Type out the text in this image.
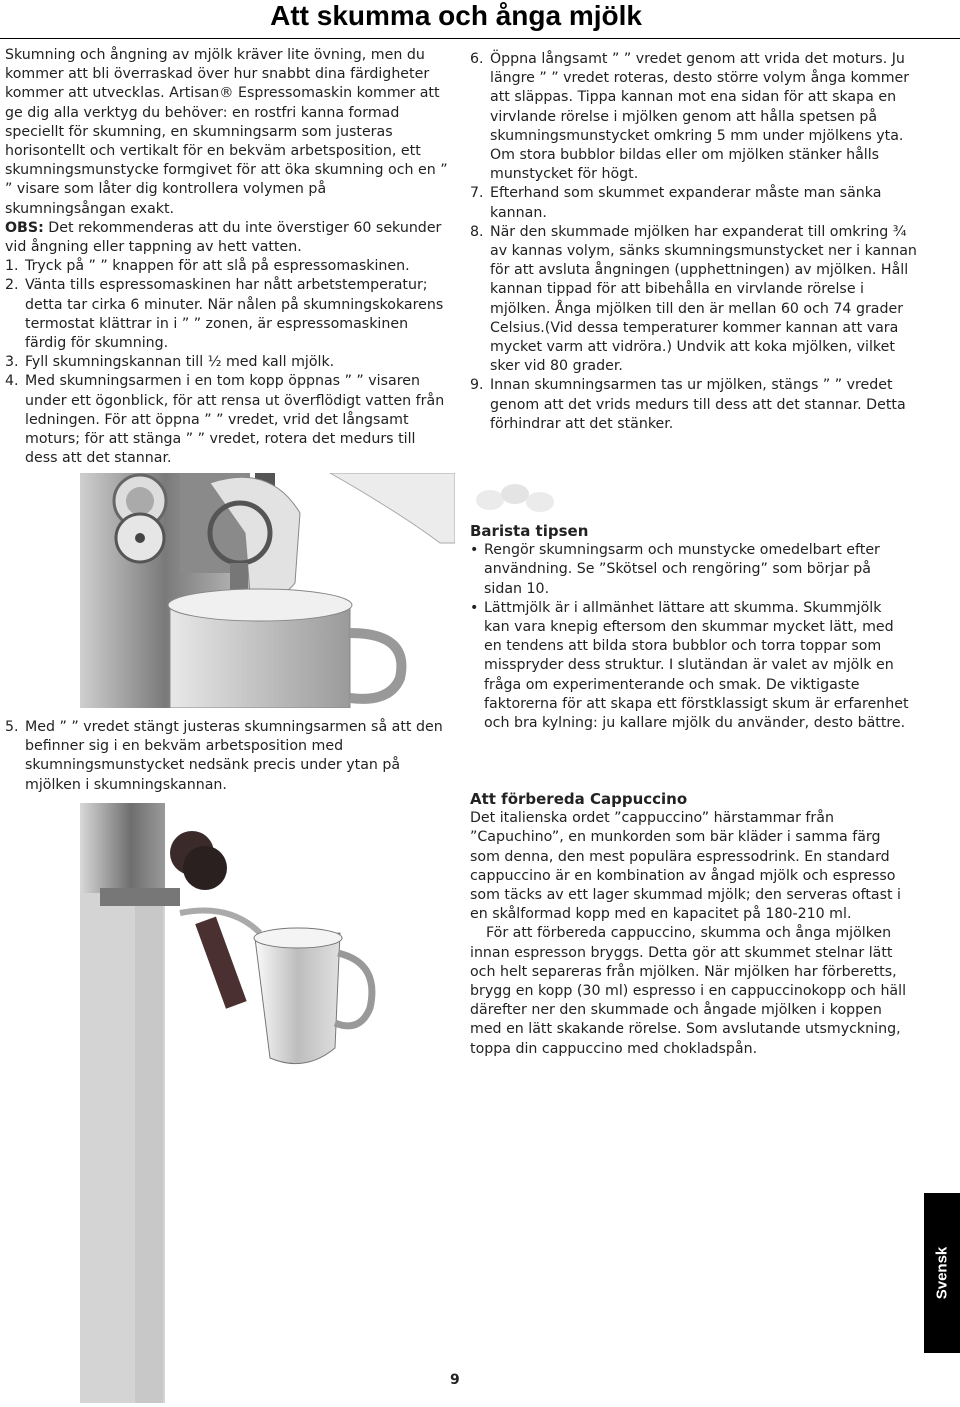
Att skumma och ånga mjölk

Skumning och ångning av mjölk kräver lite övning, men du kommer att bli överraskad över hur snabbt dina färdigheter kommer att utvecklas. Artisan® Espressomaskin kommer att ge dig alla verktyg du behöver: en rostfri kanna formad speciellt för skumning, en skumningsarm som justeras horisontellt och vertikalt för en bekväm arbetsposition, ett skumningsmunstycke formgivet för att öka skumning och en ” ” visare som låter dig kontrollera volymen på skumningsångan exakt.

OBS: Det rekommenderas att du inte överstiger 60 sekunder vid ångning eller tappning av hett vatten.

1. Tryck på ” ” knappen för att slå på espressomaskinen.
2. Vänta tills espressomaskinen har nått arbetstemperatur; detta tar cirka 6 minuter. När nålen på skumningskokarens termostat klättrar in i ” ” zonen, är espressomaskinen färdig för skumning.
3. Fyll skumningskannan till ½ med kall mjölk.
4. Med skumningsarmen i en tom kopp öppnas ” ” visaren under ett ögonblick, för att rensa ut överflödigt vatten från ledningen. För att öppna ” ” vredet, vrid det långsamt moturs; för att stänga ” ” vredet, rotera det medurs till dess att det stannar.
5. Med ” ” vredet stängt justeras skumningsarmen så att den befinner sig i en bekväm arbetsposition med skumningsmunstycket nedsänk precis under ytan på mjölken i skumningskannan.
6. Öppna långsamt ” ” vredet genom att vrida det moturs. Ju längre ” ” vredet roteras, desto större volym ånga kommer att släppas. Tippa kannan mot ena sidan för att skapa en virvlande rörelse i mjölken genom att hålla spetsen på skumningsmunstycket omkring 5 mm under mjölkens yta. Om stora bubblor bildas eller om mjölken stänker hålls munstycket för högt.
7. Efterhand som skummet expanderar måste man sänka kannan.
8. När den skummade mjölken har expanderat till omkring ¾ av kannas volym, sänks skumningsmunstycket ner i kannan för att avsluta ångningen (upphettningen) av mjölken. Håll kannan tippad för att bibehålla en virvlande rörelse i mjölken. Ånga mjölken till den är mellan 60 och 74 grader Celsius.(Vid dessa temperaturer kommer kannan att vara mycket varm att vidröra.) Undvik att koka mjölken, vilket sker vid 80 grader.
9. Innan skumningsarmen tas ur mjölken, stängs ” ” vredet genom att det vrids medurs till dess att det stannar. Detta förhindrar att det stänker.

Barista tipsen

• Rengör skumningsarm och munstycke omedelbart efter användning. Se ”Skötsel och rengöring” som börjar på sidan 10.
• Lättmjölk är i allmänhet lättare att skumma. Skummjölk kan vara knepig eftersom den skummar mycket lätt, med en tendens att bilda stora bubblor och torra toppar som misspryder dess struktur. I slutändan är valet av mjölk en fråga om experimenterande och smak. De viktigaste faktorerna för att skapa ett förstklassigt skum är erfarenhet och bra kylning: ju kallare mjölk du använder, desto bättre.

Att förbereda Cappuccino

Det italienska ordet ”cappuccino” härstammar från ”Capuchino”, en munkorden som bär kläder i samma färg som denna, den mest populära espressodrink. En standard cappuccino är en kombination av ångad mjölk och espresso som täcks av ett lager skummad mjölk; den serveras oftast i en skålformad kopp med en kapacitet på 180-210 ml.

För att förbereda cappuccino, skumma och ånga mjölken innan espresson bryggs. Detta gör att skummet stelnar lätt och helt separeras från mjölken. När mjölken har förberetts, brygg en kopp (30 ml) espresso i en cappuccinokopp och häll därefter ner den skummade och ångade mjölken i koppen med en lätt skakande rörelse. Som avslutande utsmyckning, toppa din cappuccino med chokladspån.

Svensk
9
